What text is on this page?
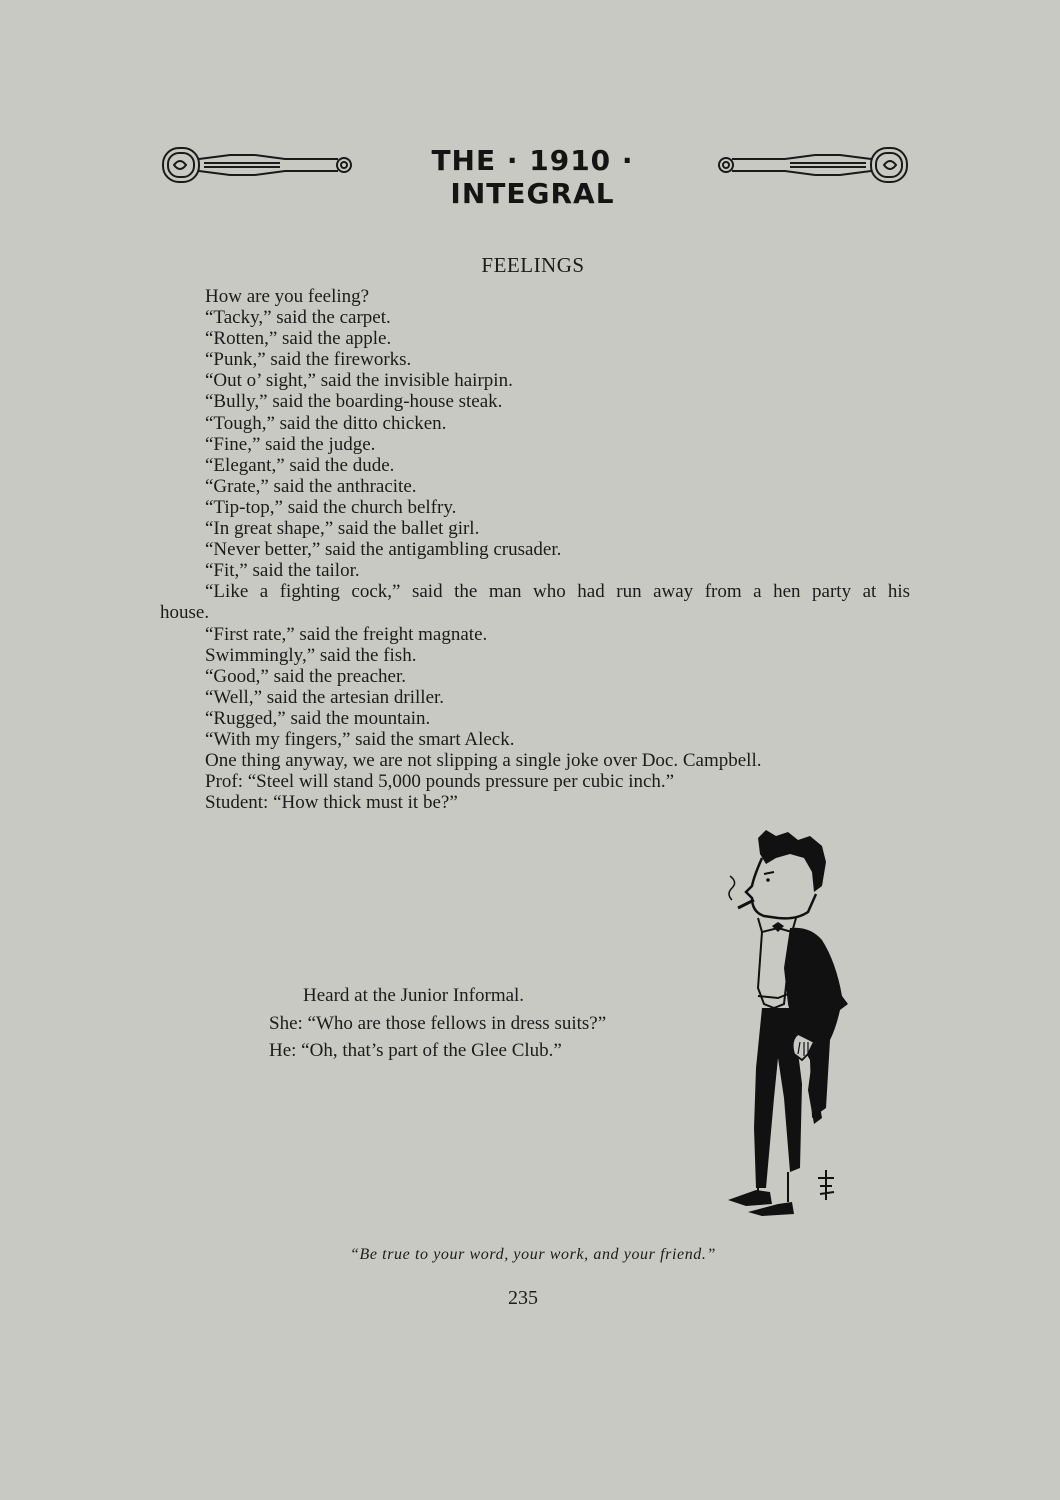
THE · 1910 · INTEGRAL
FEELINGS
How are you feeling?
“Tacky,” said the carpet.
“Rotten,” said the apple.
“Punk,” said the fireworks.
“Out o’ sight,” said the invisible hairpin.
“Bully,” said the boarding-house steak.
“Tough,” said the ditto chicken.
“Fine,” said the judge.
“Elegant,” said the dude.
“Grate,” said the anthracite.
“Tip-top,” said the church belfry.
“In great shape,” said the ballet girl.
“Never better,” said the antigambling crusader.
“Fit,” said the tailor.
“Like a fighting cock,” said the man who had run away from a hen party at his
house.
“First rate,” said the freight magnate.
Swimmingly,” said the fish.
“Good,” said the preacher.
“Well,” said the artesian driller.
“Rugged,” said the mountain.
“With my fingers,” said the smart Aleck.
One thing anyway, we are not slipping a single joke over Doc. Campbell.
Prof: “Steel will stand 5,000 pounds pressure per cubic inch.”
Student: “How thick must it be?”
Heard at the Junior Informal.
She: “Who are those fellows in dress suits?”
He: “Oh, that’s part of the Glee Club.”
“Be true to your word, your work, and your friend.”
235
